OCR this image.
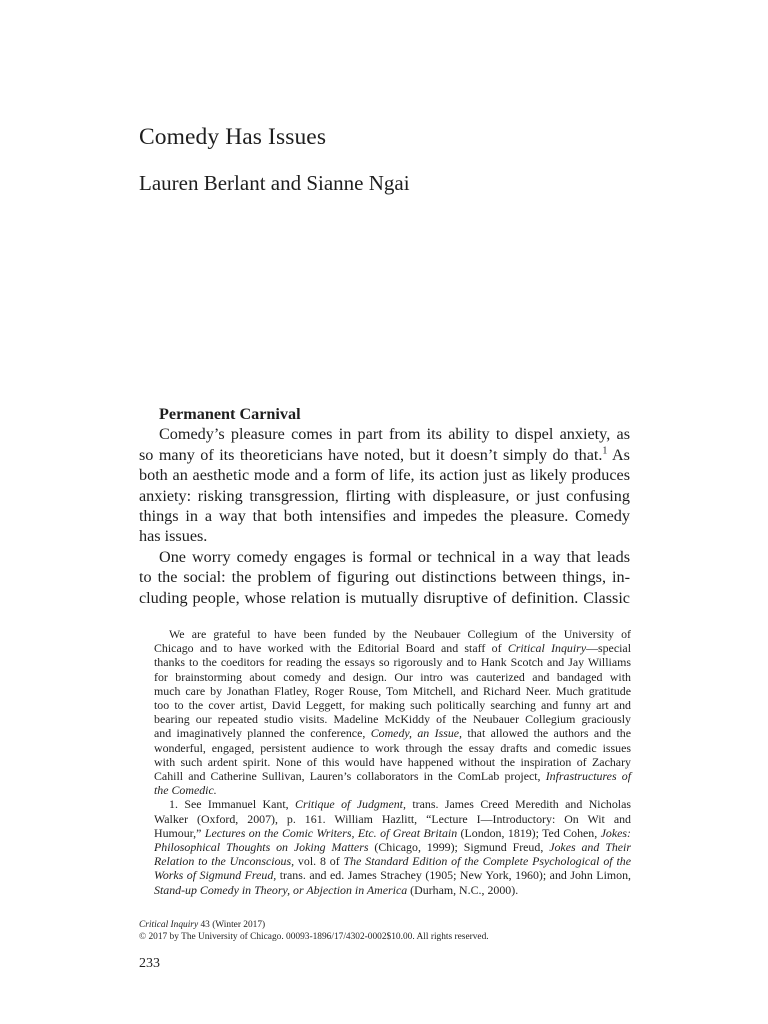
Comedy Has Issues
Lauren Berlant and Sianne Ngai

Permanent Carnival

Comedy’s pleasure comes in part from its ability to dispel anxiety, as
so many of its theoreticians have noted, but it doesn’t simply do that.$^1$ As
both an aesthetic mode and a form of life, its action just as likely produces
anxiety: risking transgression, flirting with displeasure, or just confusing
things in a way that both intensifies and impedes the pleasure. Comedy
has issues.
One worry comedy engages is formal or technical in a way that leads
to the social: the problem of figuring out distinctions between things, in-
cluding people, whose relation is mutually disruptive of definition. Classic
We are grateful to have been funded by the Neubauer Collegium of the University of
Chicago and to have worked with the Editorial Board and staff of Critical Inquiry—special
thanks to the coeditors for reading the essays so rigorously and to Hank Scotch and Jay Williams
for brainstorming about comedy and design. Our intro was cauterized and bandaged with
much care by Jonathan Flatley, Roger Rouse, Tom Mitchell, and Richard Neer. Much gratitude
too to the cover artist, David Leggett, for making such politically searching and funny art and
bearing our repeated studio visits. Madeline McKiddy of the Neubauer Collegium graciously
and imaginatively planned the conference, Comedy, an Issue, that allowed the authors and the
wonderful, engaged, persistent audience to work through the essay drafts and comedic issues
with such ardent spirit. None of this would have happened without the inspiration of Zachary
Cahill and Catherine Sullivan, Lauren’s collaborators in the ComLab project, Infrastructures of
the Comedic.
1. See Immanuel Kant, Critique of Judgment, trans. James Creed Meredith and Nicholas
Walker (Oxford, 2007), p. 161. William Hazlitt, “Lecture I—Introductory: On Wit and
Humour,” Lectures on the Comic Writers, Etc. of Great Britain (London, 1819); Ted Cohen, Jokes:
Philosophical Thoughts on Joking Matters (Chicago, 1999); Sigmund Freud, Jokes and Their
Relation to the Unconscious, vol. 8 of The Standard Edition of the Complete Psychological of the
Works of Sigmund Freud, trans. and ed. James Strachey (1905; New York, 1960); and John Limon,
Stand-up Comedy in Theory, or Abjection in America (Durham, N.C., 2000).
Critical Inquiry 43 (Winter 2017)
© 2017 by The University of Chicago. 00093-1896/17/4302-0002$10.00. All rights reserved.
233
